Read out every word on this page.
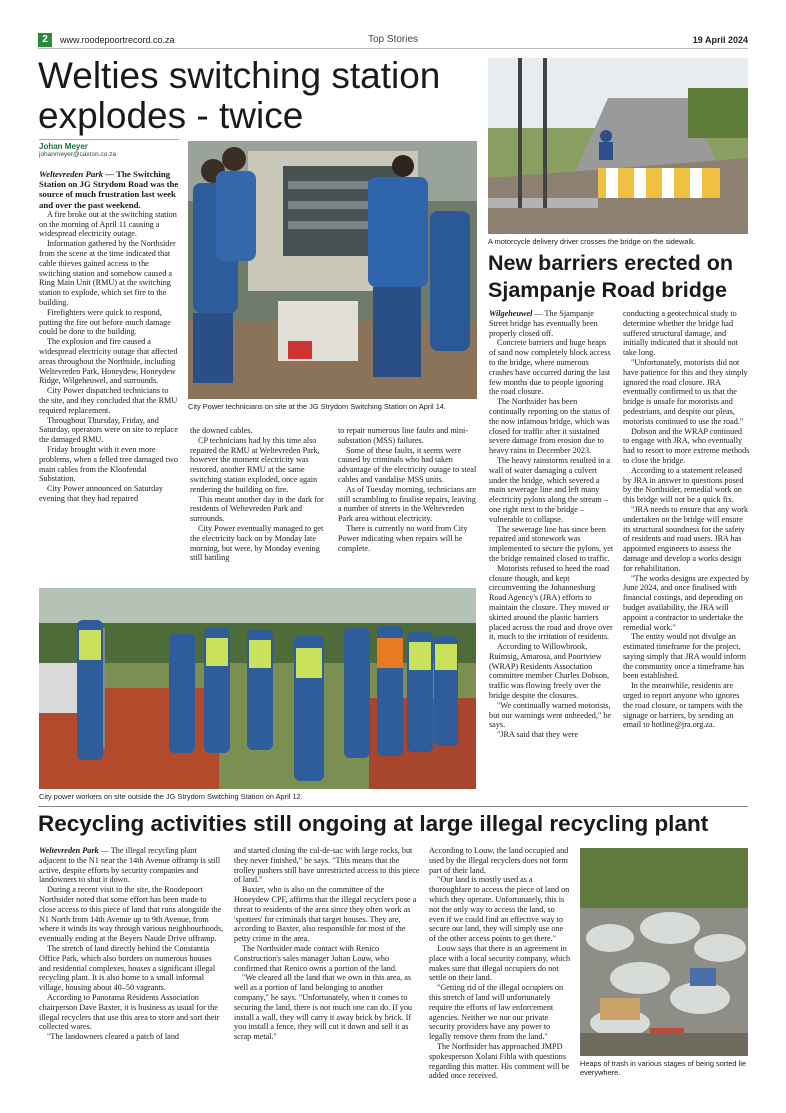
2	www.roodepoortrecord.co.za	Top Stories	19 April 2024
Welties switching station explodes - twice
Johan Meyer
johanmeyer@caxton.co.za

Weltevreden Park — The Switching Station on JG Strydom Road was the source of much frustration last week and over the past weekend.

A fire broke out at the switching station on the morning of April 11 causing a widespread electricity outage.

Information gathered by the Northsider from the scene at the time indicated that cable thieves gained access to the switching station and somehow caused a Ring Main Unit (RMU) at the switching station to explode, which set fire to the building.

Firefighters were quick to respond, putting the fire out before much damage could be done to the building.

The explosion and fire caused a widespread electricity outage that affected areas throughout the Northside, including Weltevreden Park, Honeydew, Honeydew Ridge, Wilgeheuwel, and surrounds.

City Power dispatched technicians to the site, and they concluded that the RMU required replacement.

Throughout Thursday, Friday, and Saturday, operators were on site to replace the damaged RMU.

Friday brought with it even more problems, when a felled tree damaged two main cables from the Kloofendal Substation.

City Power announced on Saturday evening that they had repaired

City Power technicians on site at the JG Strydom Switching Station on April 14.

the downed cables.

CP technicians had by this time also repaired the RMU at Weltevreden Park, however the moment electricity was restored, another RMU at the same switching station exploded, once again rendering the building on fire.

This meant another day in the dark for residents of Weltevreden Park and surrounds.

City Power eventually managed to get the electricity back on by Monday late morning, but were, by Monday evening still battling

to repair numerous line faults and mini-substation (MSS) failures.

Some of these faults, it seems were caused by criminals who had taken advantage of the electricity outage to steal cables and vandalise MSS units.

As of Tuesday morning, technicians are still scrambling to finalise repairs, leaving a number of streets in the Weltevreden Park area without electricity.

There is currently no word from City Power indicating when repairs will be complete.

City power workers on site outside the JG Strydom Switching Station on April 12.
A motorcycle delivery driver crosses the bridge on the sidewalk.
New barriers erected on Sjampanje Road bridge

Wilgeheuwel — The Sjampanje Street bridge has eventually been properly closed off.

Concrete barriers and huge heaps of sand now completely block access to the bridge, where numerous crashes have occurred during the last few months due to people ignoring the road closure.

The Northsider has been continually reporting on the status of the now infamous bridge, which was closed for traffic after it sustained severe damage from erosion due to heavy rains in December 2023.

The heavy rainstorms resulted in a wall of water damaging a culvert under the bridge, which severed a main sewerage line and left many electricity pylons along the stream – one right next to the bridge – vulnerable to collapse.

The sewerage line has since been repaired and stonework was implemented to secure the pylons, yet the bridge remained closed to traffic.

Motorists refused to heed the road closure though, and kept circumventing the Johannesburg Road Agency's (JRA) efforts to maintain the closure. They moved or skirted around the plastic barriers placed across the road and drove over it, much to the irritation of residents.

According to Willowbrook, Ruimsig, Amarosa, and Poortview (WRAP) Residents Association committee member Charles Dobson, traffic was flowing freely over the bridge despite the closures.

"We continually warned motorists, but our warnings went unheeded," he says.

"JRA said that they were

conducting a geotechnical study to determine whether the bridge had suffered structural damage, and initially indicated that it should not take long.

"Unfortunately, motorists did not have patience for this and they simply ignored the road closure. JRA eventually confirmed to us that the bridge is unsafe for motorists and pedestrians, and despite our pleas, motorists continued to use the road."

Dobson and the WRAP continued to engage with JRA, who eventually had to resort to more extreme methods to close the bridge.

According to a statement released by JRA in answer to questions posed by the Northsider, remedial work on this bridge will not be a quick fix.

"JRA needs to ensure that any work undertaken on the bridge will ensure its structural soundness for the safety of residents and road users. JRA has appointed engineers to assess the damage and develop a works design for rehabilitation.

"The works designs are expected by June 2024, and once finalised with financial costings, and depending on budget availability, the JRA will appoint a contractor to undertake the remedial work."

The entity would not divulge an estimated timeframe for the project, saying simply that JRA would inform the community once a timeframe has been established.

In the meanwhile, residents are urged to report anyone who ignores the road closure, or tampers with the signage or barriers, by sending an email to hotline@jra.org.za.

Recycling activities still ongoing at large illegal recycling plant

Weltevreden Park — The illegal recycling plant adjacent to the N1 near the 14th Avenue offramp is still active, despite efforts by security companies and landowners to shut it down.

During a recent visit to the site, the Roodepoort Northsider noted that some effort has been made to close access to this piece of land that runs alongside the N1 North from 14th Avenue up to 9th Avenue, from where it winds its way through various neighbourhoods, eventually ending at the Beyers Naude Drive offramp.

The stretch of land directly behind the Constantia Office Park, which also borders on numerous houses and residential complexes, houses a significant illegal recycling plant. It is also home to a small informal village, housing about 40–50 vagrants.

According to Panorama Residents Association chairperson Dave Baxter, it is business as usual for the illegal recyclers that use this area to store and sort their collected wares.

"The landowners cleared a patch of land

and started closing the cul-de-sac with large rocks, but they never finished," he says. "This means that the trolley pushers still have unrestricted access to this piece of land."

Baxter, who is also on the committee of the Honeydew CPF, affirms that the illegal recyclers pose a threat to residents of the area since they often work as 'spotters' for criminals that target houses. They are, according to Baxter, also responsible for most of the petty crime in the area.

The Northsider made contact with Renico Construction's sales manager Johan Louw, who confirmed that Renico owns a portion of the land.

"We cleared all the land that we own in this area, as well as a portion of land belonging to another company," he says. "Unfortunately, when it comes to securing the land, there is not much one can do. If you install a wall, they will carry it away brick by brick. If you install a fence, they will cut it down and sell it as scrap metal."

According to Louw, the land occupied and used by the illegal recyclers does not form part of their land.

"Our land is mostly used as a thoroughfare to access the piece of land on which they operate. Unfortunately, this is not the only way to access the land, so even if we could find an effective way to secure our land, they will simply use one of the other access points to get there."

Louw says that there is an agreement in place with a local security company, which makes sure that illegal occupiers do not settle on their land.

"Getting rid of the illegal occupiers on this stretch of land will unfortunately require the efforts of law enforcement agencies. Neither we nor our private security providers have any power to legally remove them from the land."

The Northsider has approached JMPD spokesperson Xolani Fihla with questions regarding this matter. His comment will be added once received.

Heaps of trash in various stages of being sorted lie everywhere.
